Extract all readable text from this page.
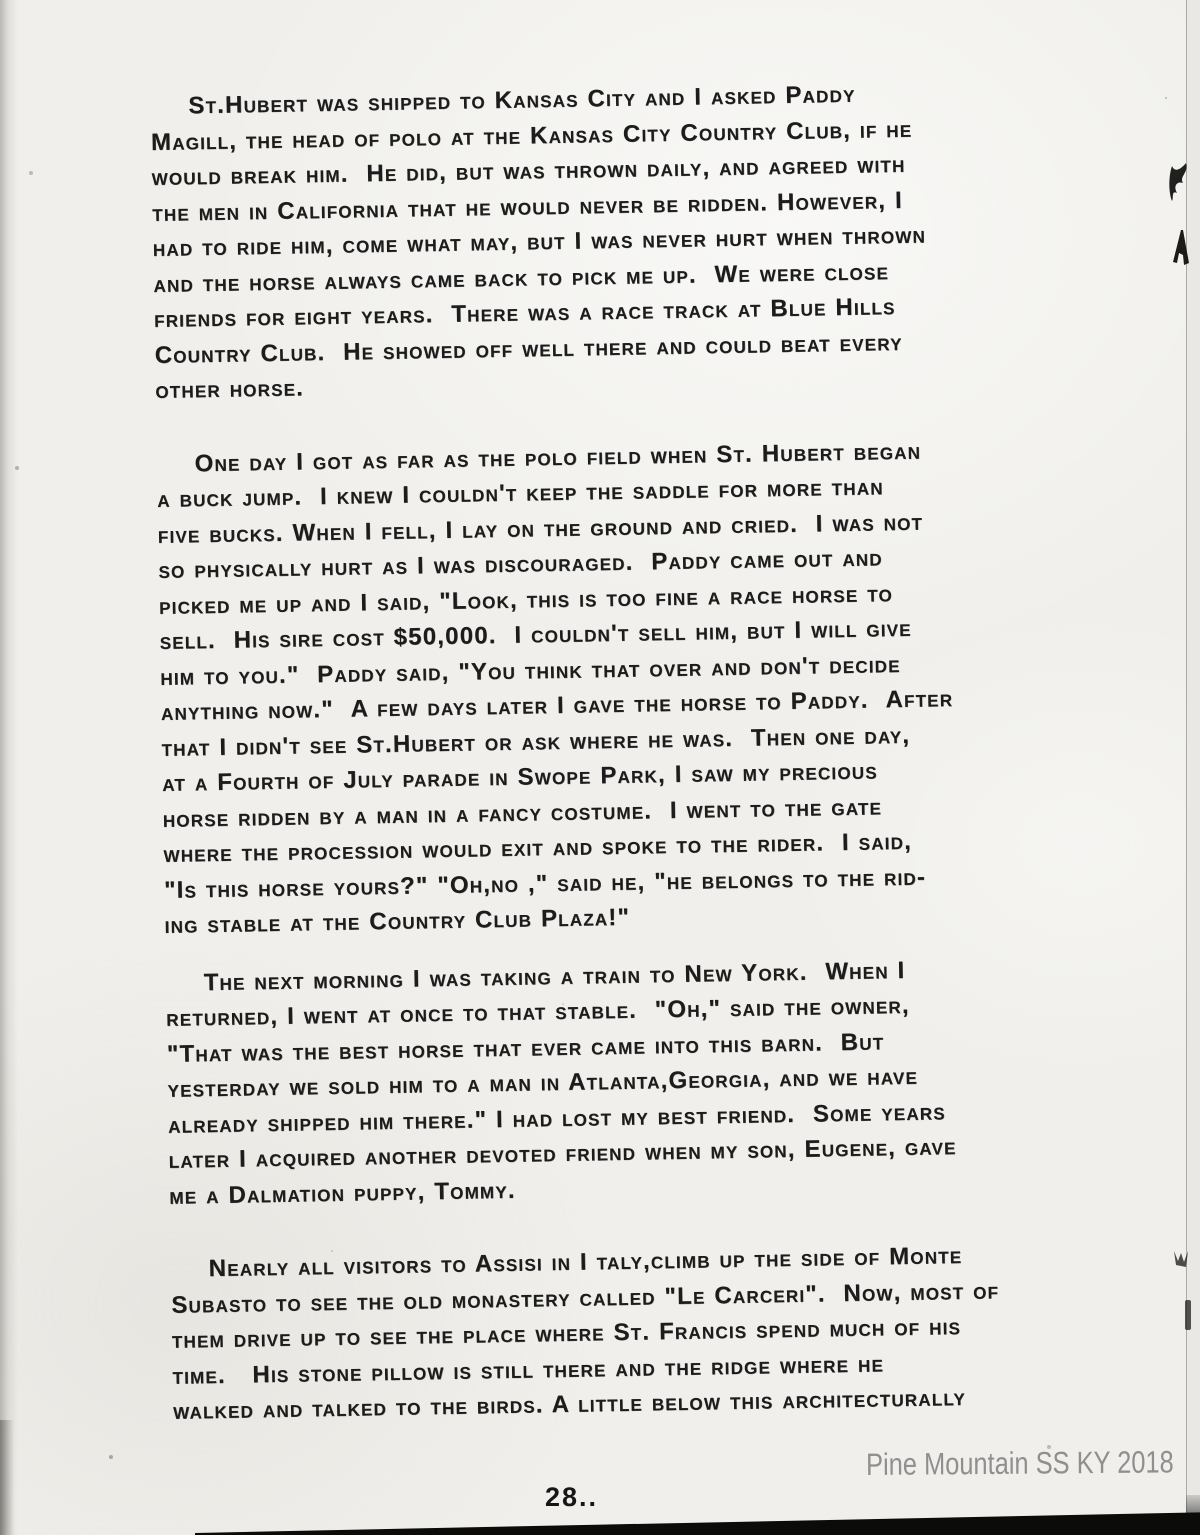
St.Hubert was shipped to Kansas City and I asked Paddy
Magill, the head of polo at the Kansas City Country Club, if he
would break him.  He did, but was thrown daily, and agreed with
the men in California that he would never be ridden. However, I
had to ride him, come what may, but I was never hurt when thrown
and the horse always came back to pick me up.  We were close
friends for eight years.  There was a race track at Blue Hills
Country Club.  He showed off well there and could beat every
other horse.
One day I got as far as the polo field when St. Hubert began
a buck jump.  I knew I couldn't keep the saddle for more than
five bucks. When I fell, I lay on the ground and cried.  I was not
so physically hurt as I was discouraged.  Paddy came out and
picked me up and I said, "Look, this is too fine a race horse to
sell.  His sire cost $50,000.  I couldn't sell him, but I will give
him to you."  Paddy said, "You think that over and don't decide
anything now."  A few days later I gave the horse to Paddy.  After
that I didn't see St.Hubert or ask where he was.  Then one day,
at a Fourth of July parade in Swope Park, I saw my precious
horse ridden by a man in a fancy costume.  I went to the gate
where the procession would exit and spoke to the rider.  I said,
"Is this horse yours?" "Oh,no ," said he, "he belongs to the rid-
ing stable at the Country Club Plaza!"
The next morning I was taking a train to New York.  When I
returned, I went at once to that stable.  "Oh," said the owner,
"That was the best horse that ever came into this barn.  But
yesterday we sold him to a man in Atlanta,Georgia, and we have
already shipped him there." I had lost my best friend.  Some years
later I acquired another devoted friend when my son, Eugene, gave
me a Dalmation puppy, Tommy.
Nearly all visitors to Assisi in I taly,climb up the side of Monte
Subasto to see the old monastery called "Le Carceri".  Now, most of
them drive up to see the place where St. Francis spend much of his
time.   His stone pillow is still there and the ridge where he
walked and talked to the birds. A little below this architecturally
Pine Mountain SS KY 2018
28..
